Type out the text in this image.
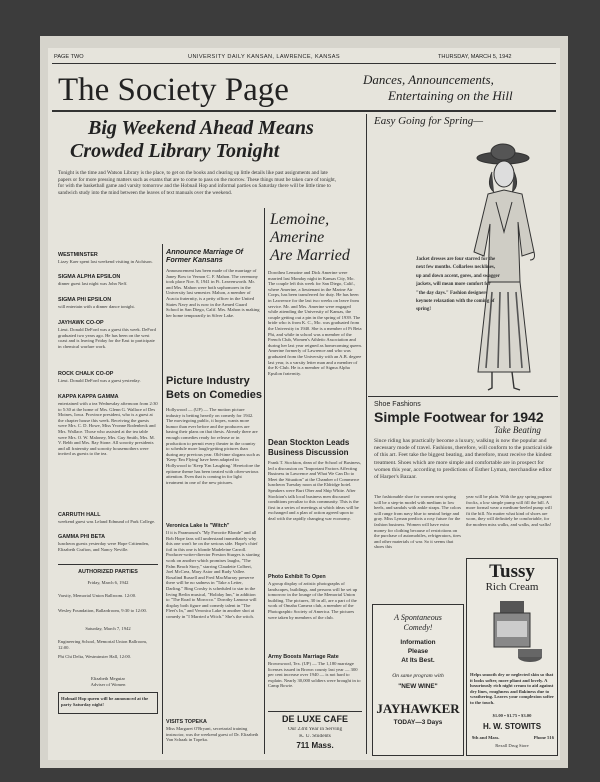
PAGE TWO	UNIVERSITY DAILY KANSAN, LAWRENCE, KANSAS	THURSDAY, MARCH 5, 1942
The Society Page	Dances, Announcements,
Entertaining on the Hill
Big Weekend Ahead Means
Crowded Library Tonight
Tonight is the time and Watson Library is the place, to get on the books and clearing up little details like past assignments and late papers or for more pressing matters such as exams that are to come to pass on the morrow. These things must be taken care of tonight, for with the basketball game and varsity tomorrow and the Hobnail Hop and informal parties on Saturday there will be little time to sandwich study into the mind between the leaves of text manuals over the weekend.
WESTMINSTER
Lizzy Kaer spent last weekend visiting in Atchison.
SIGMA ALPHA EPSILON
dinner guest last night was John Neff.
SIGMA PHI EPSILON
will entertain with a dinner dance tonight.
JAYHAWK CO-OP
Lieut. Donald DeFord was a guest this week. DeFord graduated two years ago. He has been on the west coast and is leaving Friday for the East to participate in chemical warfare work.
ROCK CHALK CO-OP
Lieut. Donald DeFord was a guest yesterday.
KAPPA KAPPA GAMMA
entertained with a tea Wednesday afternoon from 2:30 to 5:30 at the home of Mrs. Glenn G. Wallace of Des Moines, Iowa. Province president, who is a guest at the chapter house this week. Receiving the guests were Mrs. C. D. Howe, Miss Yvonne Rodenbeck and Mrs. Wallace. Those who assisted at the tea table were Mrs. O. W. Maloney, Mrs. Guy Smith, Mrs. M. V. Bebb and Mrs. Ray Stone. All sorority presidents and all fraternity and sorority housemothers were invited as guests to the tea.
CARRUTH HALL
weekend guest was Leland Edmund of Park College.
GAMMA PHI BETA
luncheon guests yesterday were Hope Crittenden, Elizabeth Crafton, and Nancy Neville.
AUTHORIZED PARTIES
Friday, March 6, 1942
Varsity, Memorial Union Ballroom. 12:00.
Wesley Foundation, Ballardroom, 9:30 to 12:00.
Saturday, March 7, 1942
Engineering School, Memorial Union Ballroom, 12:00.
Phi Chi Delta, Westminster Hall, 12:00.
Elizabeth Meguiar
Adviser of Women
Hobnail Hop queen will be announced at the party Saturday night!
Announce Marriage Of Former Kansans
Announcement has been made of the marriage of Janey Bow to Vernon C. F. Mahon. The ceremony took place Nov. 8, 1941 in Ft. Leavenworth. Mr. and Mrs. Mahon were both sophomores in the University last semester. Mahon, a member of Acacia fraternity, is a petty officer in the United States Navy and is now in the Armed Guard School in San Diego, Calif. Mrs. Mahon is making her home temporarily in Silver Lake.
Picture Industry
Bets on Comedies
Hollywood — (UP) — The motion picture industry is betting heavily on comedy for 1942. The moviegoing public, it hopes, wants more humor than ever before and the producers are basing their plans on that thesis. Already there are enough comedies ready for release or in production to permit every theater in the country to schedule more laugh-getting pictures than during any previous year. Old-time slogans such as 'Keep 'Em Flying' have been adapted in Hollywood to 'Keep 'Em Laughing.' Heretofore the epitome theme has been treated with often-serious attention. Even that is coming in for light treatment in one of the new pictures.
Veronica Lake Is "Witch"
If it is Paramount's "My Favorite Blonde" and all Bob Hope fans will understand immediately why this one won't be on the serious side. Hope's chief foil in this one is blonde Madeleine Carroll. Producer-writer-director Preston Sturges is starting work on another which promises laughs, "The Palm Beach Story," starring Claudette Colbert, Joel McCrea, Mary Astor and Rudy Vallee. Rosalind Russell and Fred MacMurray preserve there will be no sadness in "Take a Letter, Darling." Bing Crosby is scheduled to star in the Irving Berlin musical, "Holiday Inn," in addition to "The Road to Morocco." Dorothy Lamour will display both figure and comedy talent in "The Fleet's In," and Veronica Lake in another shot at comedy in "I Married a Witch." She's the witch.
VISITS TOPEKA
Miss Margaret O'Bryant, secretarial training instructor, was the weekend guest of Dr. Elizabeth Van Schaak in Topeka.
Lemoine,
Amerine
Are Married
Dorothea Lemoine and Dick Amerine were married last Monday night in Kansas City, Mo. The couple left this week for San Diego, Calif., where Amerine, a lieutenant in the Marine Air Corps, has been transferred for duty. He has been in Lawrence for the last two weeks on leave from service. Mr. and Mrs. Amerine were engaged while attending the University of Kansas, the couple getting out a pin in the spring of 1939. The bride who is from K. C., Mo. was graduated from the University in 1940. She is a member of Pi Beta Phi, and while in school was a member of the French Club, Women's Athletic Association and during her last year reigned as homecoming queen. Amerine formerly of Lawrence and who was graduated from the University with an A.B. degree last year, is a varsity letter man and a member of the K-Club. He is a member of Sigma Alpha Epsilon fraternity.
Dean Stockton Leads
Business Discussion
Frank T. Stockton, dean of the School of Business, led a discussion on "Important Factors Affecting Business in Lawrence and What We Can Do to Meet the Situation" at the Chamber of Commerce luncheon Tuesday noon at the Eldridge hotel. Speakers were Burt Ober and Ship White. After Stockton's talk local business men discussed conditions peculiar to this community. This is the first in a series of meetings at which ideas will be exchanged and a plan of action agreed upon to deal with the rapidly changing war economy.
Photo Exhibit To Open
A group display of artistic photographs of landscapes, buildings, and persons will be set up tomorrow in the lounge of the Memorial Union building. The pictures, 30 in all, are a part of the work of Omaha Camera club, a member of the Photographic Society of America. The pictures were taken by members of the club.
Army Boosts Marriage Rate
Brownwood, Tex. (UP) — The 1,180 marriage licenses issued in Brown county last year — 300 per cent increase over 1940 — is not hard to explain. Nearly 30,000 soldiers were brought in to Camp Bowie.
DE LUXE CAFE
Our 23rd Year in Serving
K. U. Students
711 Mass.
Easy Going for Spring—
Jacket dresses are four starred for the next few months. Collarless necklines, up and down accent, gores, and swagger jackets, will mean more comfort for "the day days." Fashion designers keynote relaxation with the coming of spring!
Shoe Fashions
Simple Footwear for 1942
Take Beating
Since riding has practically become a luxury, walking is now the popular and necessary mode of travel. Fashions, therefore, will conform to the practical side of this art. Feet take the biggest beating, and therefore, must receive the kindest treatment. Shoes which are more simple and comfortable are in prospect for women this year, according to predictions of Esther Lyman, merchandise editor of Harper's Bazaar.
The fashionable shoe for women next spring will be a step-in model with medium to low heels, and sandals with ankle straps. The colors will range from navy blue to neutral beige and gray. Miss Lyman predicts a rosy future for the fashion business. Women will have extra money for clothing because of restrictions on the purchase of automobiles, refrigerators, tires and other materials of war. So it seems that shoes this
year will be plain. With the gay spring pageant frocks, a low simple pump will fill the bill. A more formal wear a medium-heeled pump will fit the bill. No matter what kind of shoes are worn, they will definitely be comfortable, for the modern miss walks, and walks, and walks!
A Spontaneous
Comedy!
Information
Please
At Its Best.
On same program with
"NEW WINE"
JAYHAWKER
TODAY—3 Days
Tussy
Rich Cream
Helps smooth dry or neglected skin so that it looks softer, more pliant and lovely. A luxuriously rich night cream to aid against dry lines, roughness and flakiness due to weathering. Leaves your complexion softer to the touch.
$1.00 • $1.75 • $3.00
H. W. STOWITS
9th and Mass.	Phone 516
Rexall Drug Store
